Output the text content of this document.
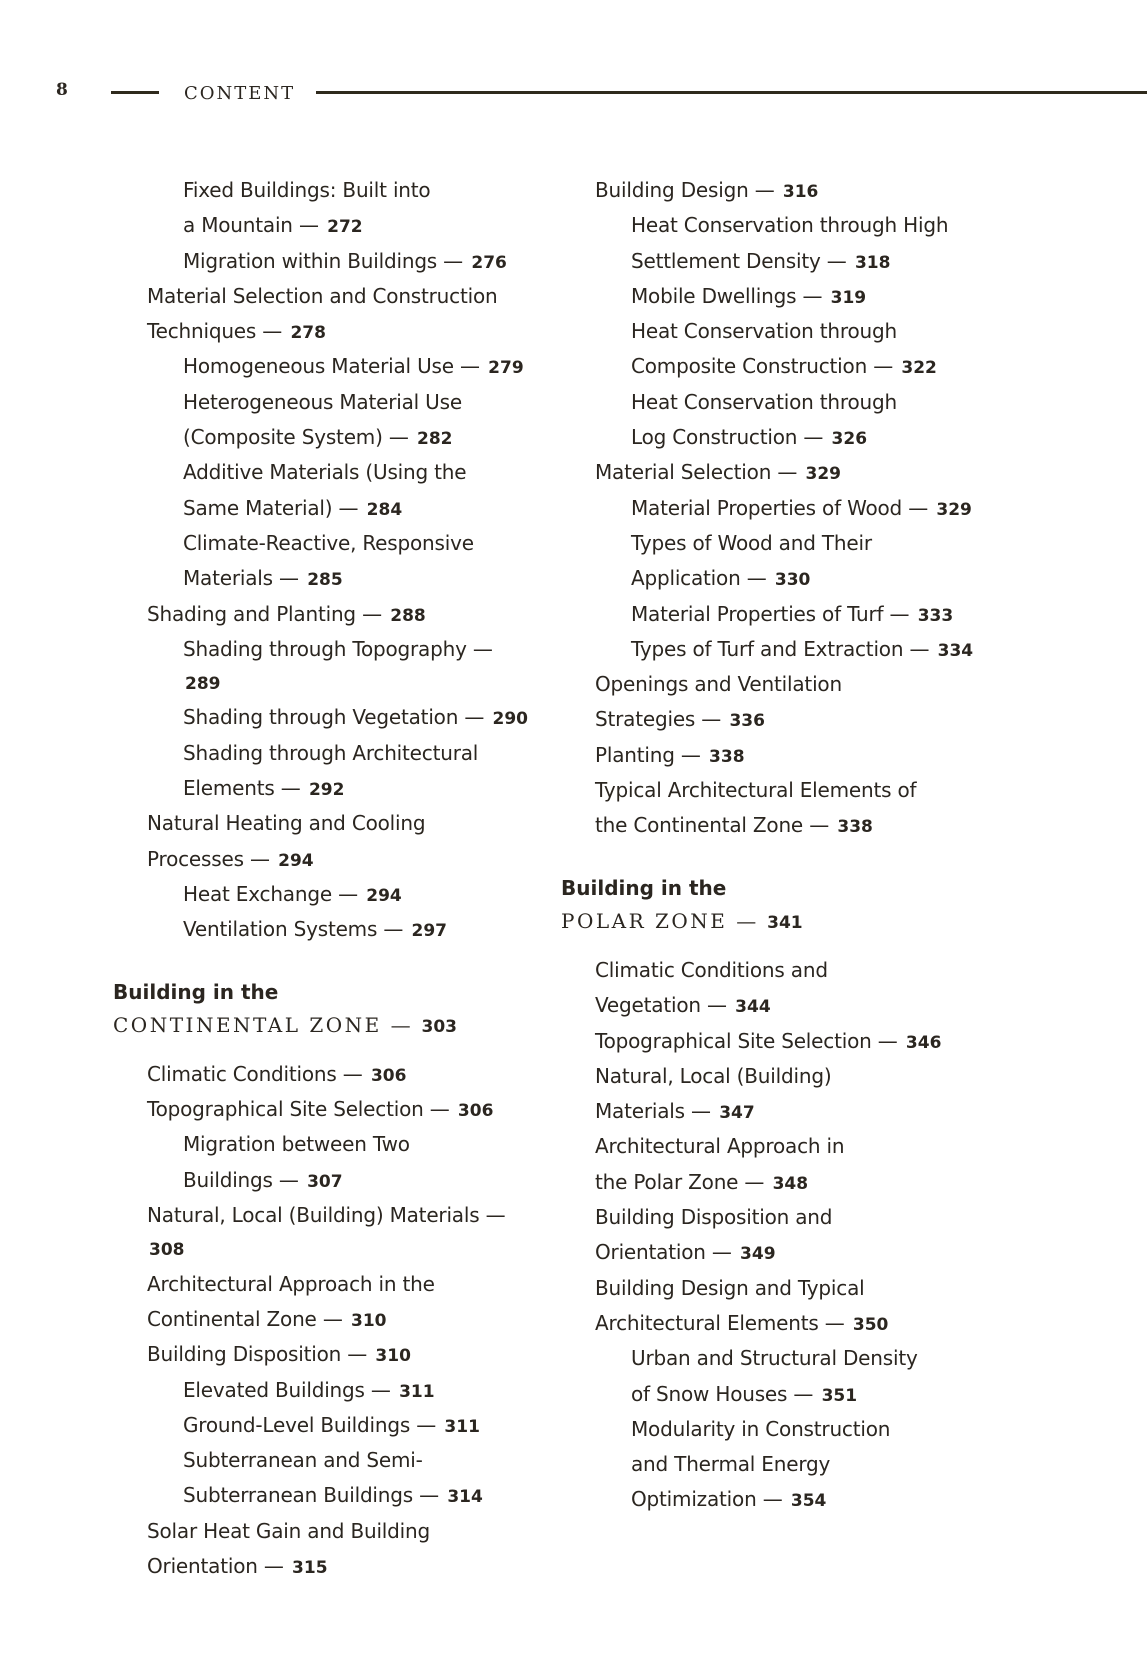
8	CONTENT
Fixed Buildings: Built into
a Mountain — 272
Migration within Buildings — 276
Material Selection and Construction
Techniques — 278
Homogeneous Material Use — 279
Heterogeneous Material Use
(Composite System) — 282
Additive Materials (Using the
Same Material) — 284
Climate-Reactive, Responsive
Materials — 285
Shading and Planting — 288
Shading through Topography — 289
Shading through Vegetation — 290
Shading through Architectural
Elements — 292
Natural Heating and Cooling
Processes — 294
Heat Exchange — 294
Ventilation Systems — 297
Building in the
CONTINENTAL ZONE — 303
Climatic Conditions — 306
Topographical Site Selection — 306
Migration between Two
Buildings — 307
Natural, Local (Building) Materials — 308
Architectural Approach in the
Continental Zone — 310
Building Disposition — 310
Elevated Buildings — 311
Ground-Level Buildings — 311
Subterranean and Semi-
Subterranean Buildings — 314
Solar Heat Gain and Building
Orientation — 315
Building Design — 316
Heat Conservation through High
Settlement Density — 318
Mobile Dwellings — 319
Heat Conservation through
Composite Construction — 322
Heat Conservation through
Log Construction — 326
Material Selection — 329
Material Properties of Wood — 329
Types of Wood and Their
Application — 330
Material Properties of Turf — 333
Types of Turf and Extraction — 334
Openings and Ventilation
Strategies — 336
Planting — 338
Typical Architectural Elements of
the Continental Zone — 338
Building in the
POLAR ZONE — 341
Climatic Conditions and
Vegetation — 344
Topographical Site Selection — 346
Natural, Local (Building)
Materials — 347
Architectural Approach in
the Polar Zone — 348
Building Disposition and
Orientation — 349
Building Design and Typical
Architectural Elements — 350
Urban and Structural Density
of Snow Houses — 351
Modularity in Construction
and Thermal Energy
Optimization — 354
